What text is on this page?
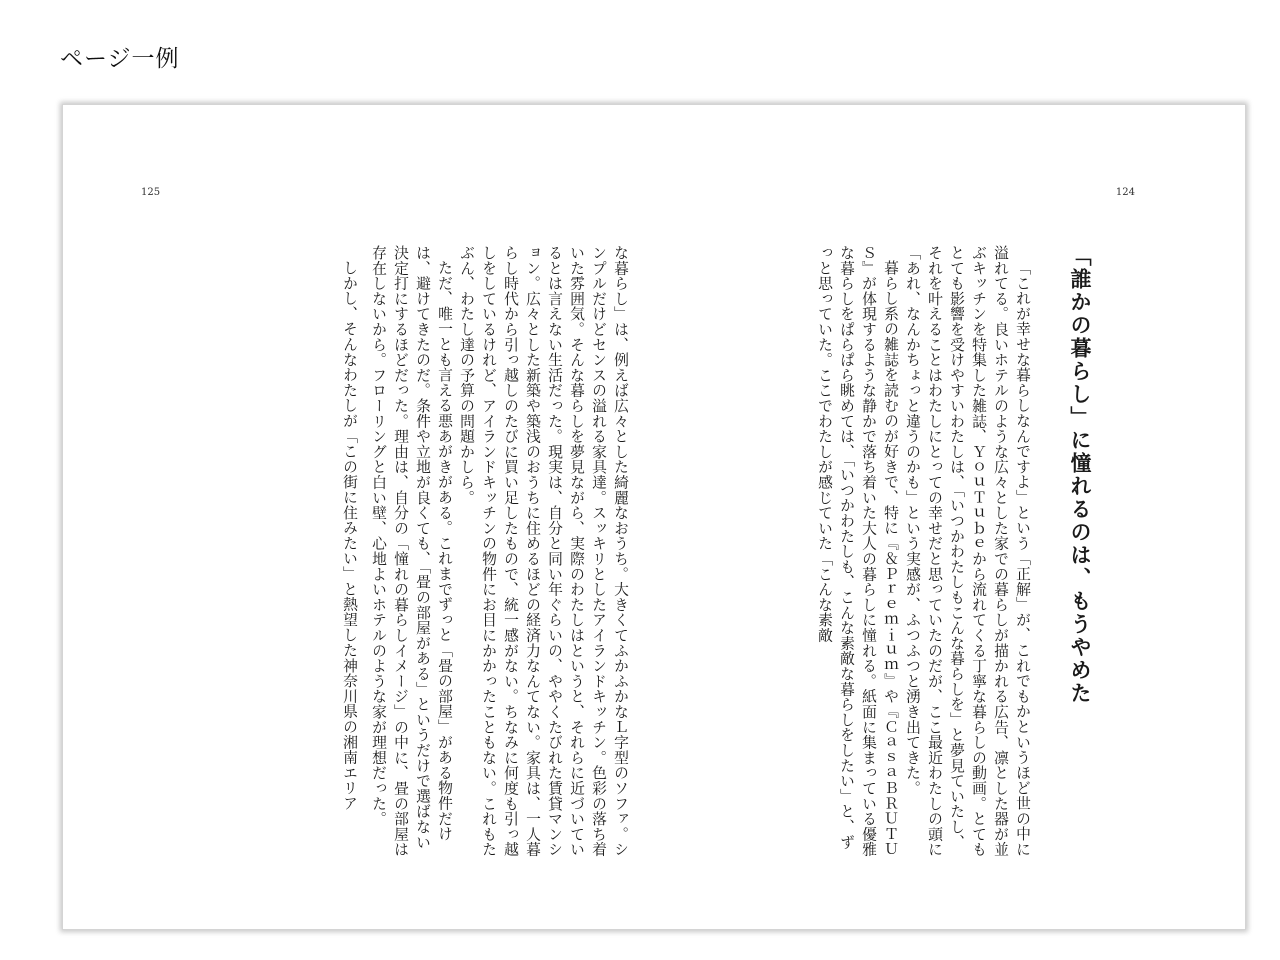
ページ一例
125	124
「誰かの暮らし」に憧れるのは、もうやめた
「これが幸せな暮らしなんですよ」という「正解」が、これでもかというほど世の中に溢れてる。良いホテルのような広々とした家での暮らしが描かれる広告、凛とした器が並ぶキッチンを特集した雑誌、ＹｏｕＴｕｂｅから流れてくる丁寧な暮らしの動画。とてもとても影響を受けやすいわたしは、「いつかわたしもこんな暮らしを」と夢見ていたし、それを叶えることはわたしにとっての幸せだと思っていたのだが、ここ最近わたしの頭に「あれ、なんかちょっと違うのかも」という実感が、ふつふつと湧き出てきた。
暮らし系の雑誌を読むのが好きで、特に『＆Ｐｒｅｍｉｕｍ』や『ＣａｓａＢＲＵＴＵＳ』が体現するような静かで落ち着いた大人の暮らしに憧れる。紙面に集まっている優雅な暮らしをぱらぱら眺めては、「いつかわたしも、こんな素敵な暮らしをしたい」と、ずっと思っていた。ここでわたしが感じていた「こんな素敵
な暮らし」は、例えば広々とした綺麗なおうち。大きくてふかふかなＬ字型のソファ。シンプルだけどセンスの溢れる家具達。スッキリとしたアイランドキッチン。色彩の落ち着いた雰囲気。そんな暮らしを夢見ながら、実際のわたしはというと、それらに近づいているとは言えない生活だった。現実は、自分と同い年ぐらいの、ややくたびれた賃貸マンション。広々とした新築や築浅のおうちに住めるほどの経済力なんてない。家具は、一人暮らし時代から引っ越しのたびに買い足したもので、統一感がない。ちなみに何度も引っ越しをしているけれど、アイランドキッチンの物件にお目にかかったこともない。これもたぶん、わたし達の予算の問題かしら。
ただ、唯一とも言える悪あがきがある。これまでずっと「畳の部屋」がある物件だけは、避けてきたのだ。条件や立地が良くても、「畳の部屋がある」というだけで選ばない決定打にするほどだった。理由は、自分の「憧れの暮らしイメージ」の中に、畳の部屋は存在しないから。フローリングと白い壁、心地よいホテルのような家が理想だった。
しかし、そんなわたしが「この街に住みたい」と熱望した神奈川県の湘南エリア
